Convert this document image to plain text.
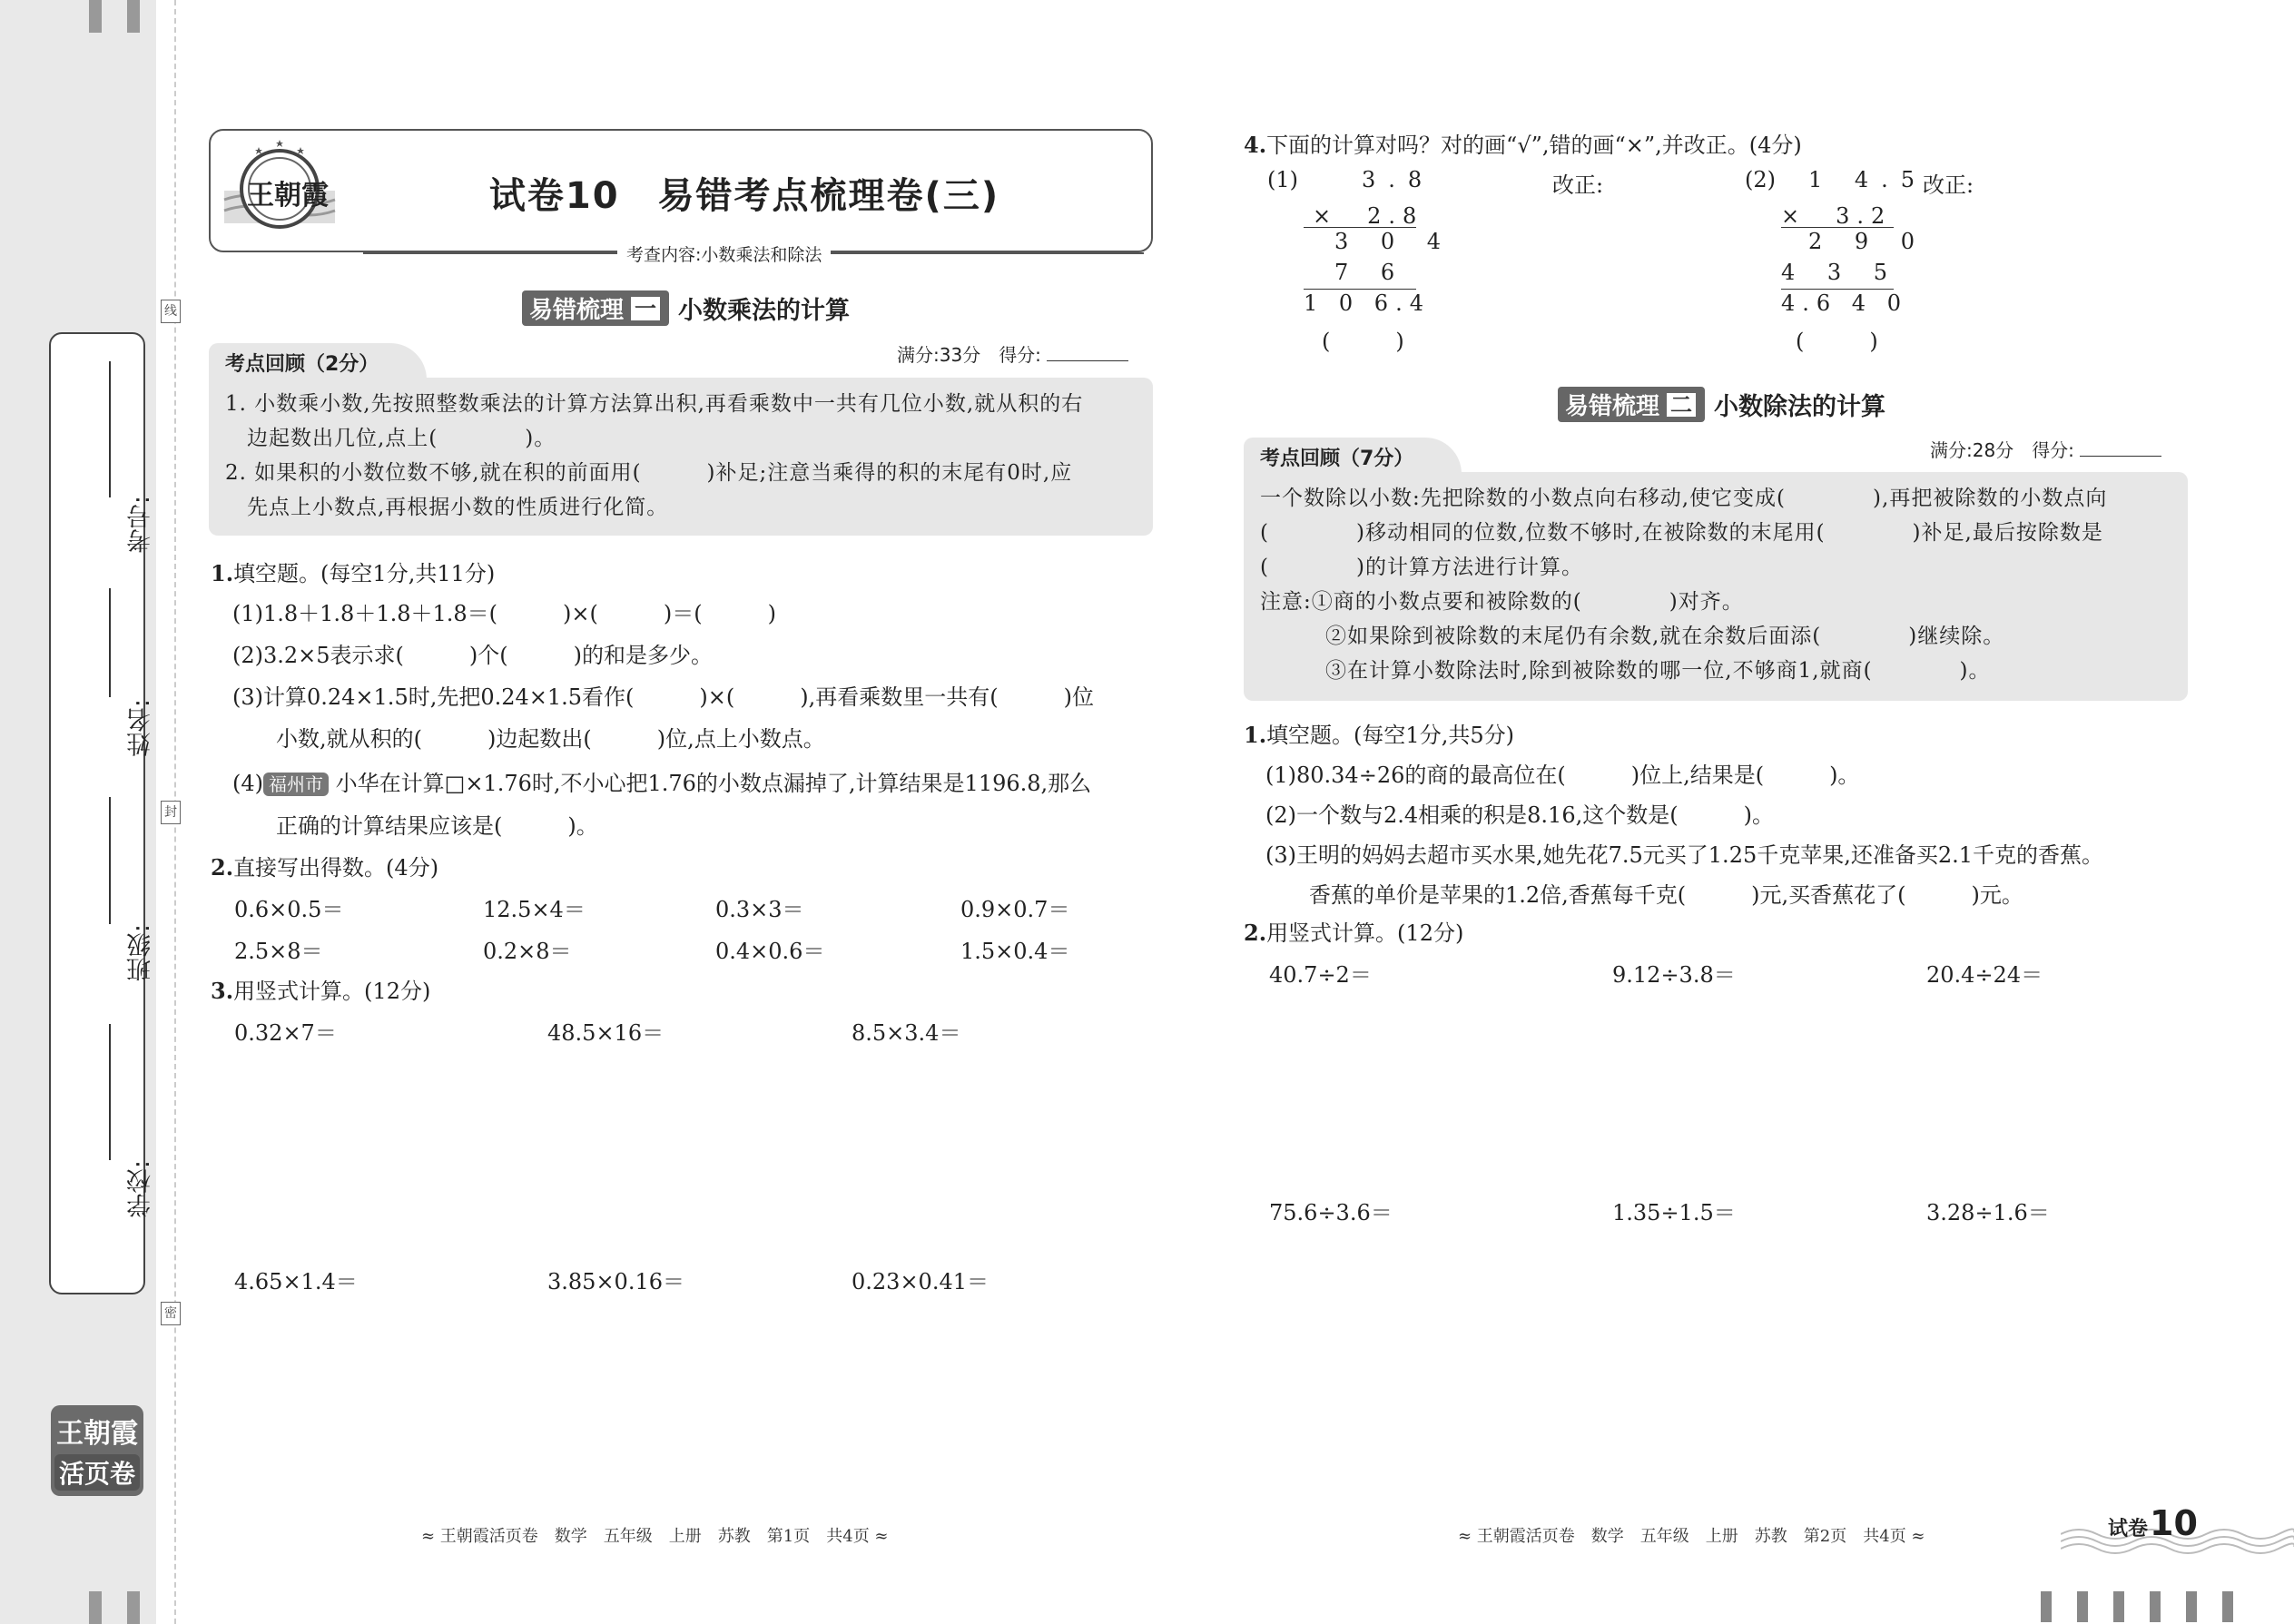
考号:
姓名:
班级:
学校:
线
封
密
王朝霞
活页卷
王朝霞	试卷10　易错考点梳理卷(三)
考查内容:小数乘法和除法
易错梳理 一 小数乘法的计算
考点回顾（2分）	满分:33分　 得分:
1. 小数乘小数,先按照整数乘法的计算方法算出积,再看乘数中一共有几位小数,就从积的右
　边起数出几位,点上(　　　　)。
2. 如果积的小数位数不够,就在积的前面用(　　　)补足;注意当乘得的积的末尾有0时,应
　先点上小数点,再根据小数的性质进行化简。
1.填空题。(每空1分,共11分)
(1)1.8＋1.8＋1.8＋1.8＝(　　　)×(　　　)＝(　　　)
(2)3.2×5表示求(　　　)个(　　　)的和是多少。
(3)计算0.24×1.5时,先把0.24×1.5看作(　　　)×(　　　),再看乘数里一共有(　　　)位
　　小数,就从积的(　　　)边起数出(　　　)位,点上小数点。
(4) 福州市 小华在计算□×1.76时,不小心把1.76的小数点漏掉了,计算结果是1196.8,那么
　　正确的计算结果应该是(　　　)。
2.直接写出得数。(4分)
0.6×0.5＝	12.5×4＝	0.3×3＝	0.9×0.7＝
2.5×8＝	0.2×8＝	0.4×0.6＝	1.5×0.4＝
3.用竖式计算。(12分)
0.32×7＝	48.5×16＝	8.5×3.4＝
4.65×1.4＝	3.85×0.16＝	0.23×0.41＝
4.下面的计算对吗？对的画“√”,错的画“×”,并改正。(4分)
(1)	3.8
×　2.8
3 0 4
7 6
1 0 6.4
(　　　)
改正:	(2) 1 4.5
×　3.2
2 9 0
4 3 5
4.6 4 0
(　　　)
改正:
易错梳理 二 小数除法的计算
考点回顾（7分）	满分:28分　 得分:
一个数除以小数:先把除数的小数点向右移动,使它变成(　　　　),再把被除数的小数点向
(　　　　)移动相同的位数,位数不够时,在被除数的末尾用(　　　　)补足,最后按除数是
(　　　　)的计算方法进行计算。
注意:①商的小数点要和被除数的(　　　　)对齐。
　　　②如果除到被除数的末尾仍有余数,就在余数后面添(　　　　)继续除。
　　　③在计算小数除法时,除到被除数的哪一位,不够商1,就商(　　　　)。
1.填空题。(每空1分,共5分)
(1)80.34÷26的商的最高位在(　　　)位上,结果是(　　　)。
(2)一个数与2.4相乘的积是8.16,这个数是(　　　)。
(3)王明的妈妈去超市买水果,她先花7.5元买了1.25千克苹果,还准备买2.1千克的香蕉。
　　香蕉的单价是苹果的1.2倍,香蕉每千克(　　　)元,买香蕉花了(　　　)元。
2.用竖式计算。(12分)
40.7÷2＝	9.12÷3.8＝	20.4÷24＝
75.6÷3.6＝	1.35÷1.5＝	3.28÷1.6＝
≈ 王朝霞活页卷　数学　五年级　上册　苏教　第1页　共4页 ≈	≈ 王朝霞活页卷　数学　五年级　上册　苏教　第2页　共4页 ≈	试卷10
